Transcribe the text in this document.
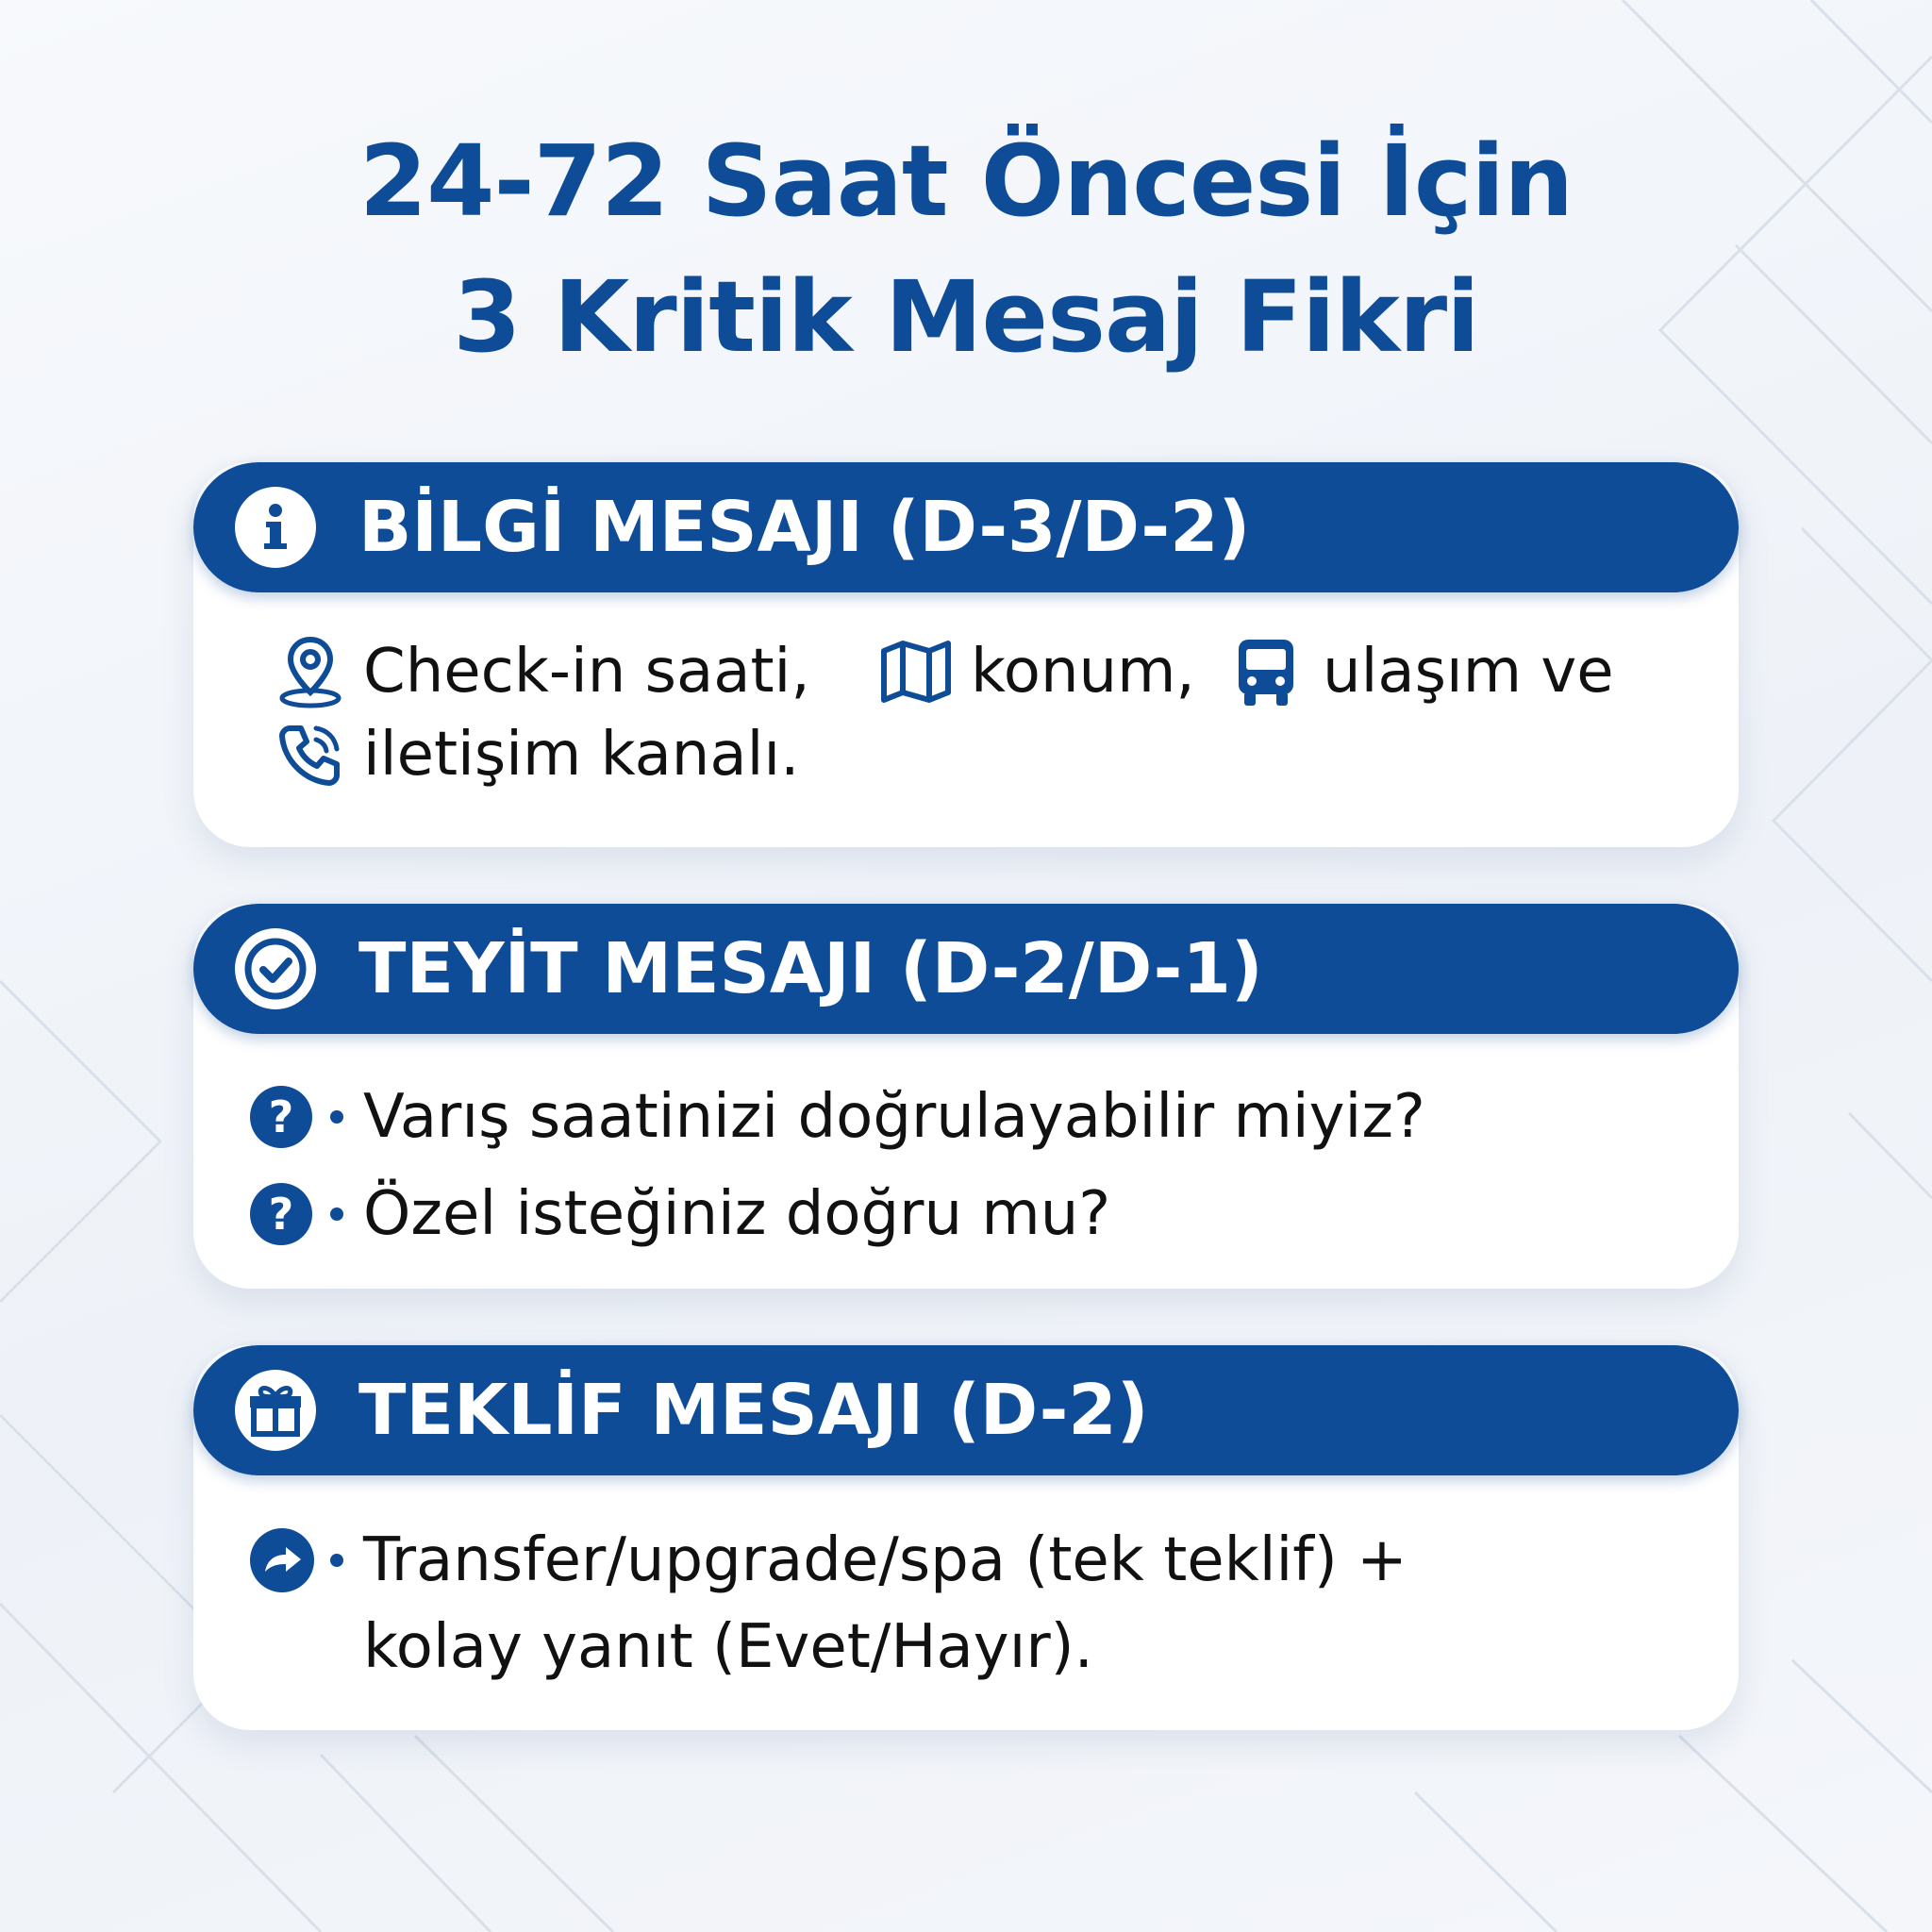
24-72 Saat Öncesi İçin
3 Kritik Mesaj Fikri
BİLGİ MESAJI (D-3/D-2)
Check-in saati,	konum, ulaşım ve
iletişim kanalı.
TEYİT MESAJI (D-2/D-1)
?	Varış saatinizi doğrulayabilir miyiz?
?	Özel isteğiniz doğru mu?
TEKLİF MESAJI (D-2)
Transfer/upgrade/spa (tek teklif) +
kolay yanıt (Evet/Hayır).
